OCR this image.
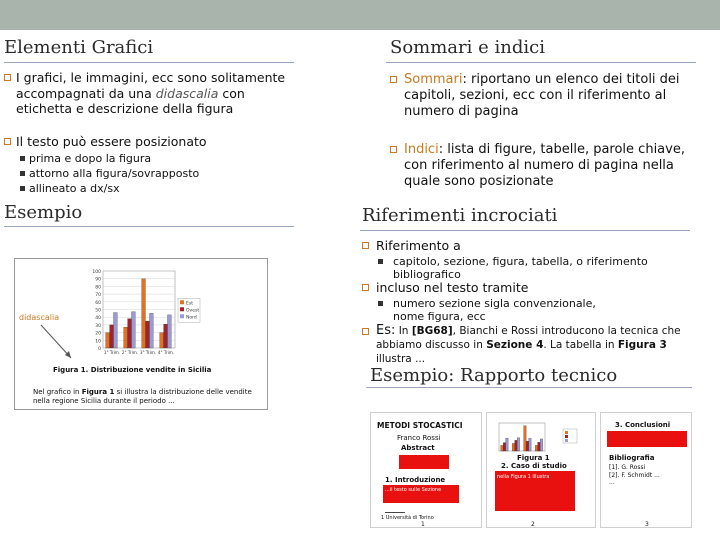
Elementi Grafici
I grafici, le immagini, ecc sono solitamente accompagnati da una didascalia con etichetta e descrizione della figura
Il testo può essere posizionato
prima e dopo la figura
attorno alla figura/sovrapposto
allineato a dx/sx
Sommari e indici
Sommari: riportano un elenco dei titoli dei capitoli, sezioni, ecc con il riferimento al numero di pagina
Indici: lista di figure, tabelle, parole chiave, con riferimento al numero di pagina nella quale sono posizionate
Esempio
didascalia
100
90
80
70
60
50
40
30
20
10
0
1° Trim. 2° Trim. 3° Trim. 4° Trim.
Est
Ovest
Nord
Figura 1. Distribuzione vendite in Sicilia
Nel grafico in Figura 1 si illustra la distribuzione delle vendite nella regione Sicilia durante il periodo ...
Riferimenti incrociati
Riferimento a
capitolo, sezione, figura, tabella, o riferimento bibliografico
incluso nel testo tramite
numero sezione sigla convenzionale, nome figura, ecc
Es: In [BG68], Bianchi e Rossi introducono la tecnica che abbiamo discusso in Sezione 4. La tabella in Figura 3 illustra ...
Esempio: Rapporto tecnico
METODI STOCASTICI
Franco Rossi
Abstract
1. Introduzione
...il testo sulle Sezione
1 Università di Torino
1
Figura 1
2. Caso di studio
nella Figura 1 illustra
2
3. Conclusioni
Bibliografia
[1]. G. Rossi
[2]. F. Schmidt ...
...
3
